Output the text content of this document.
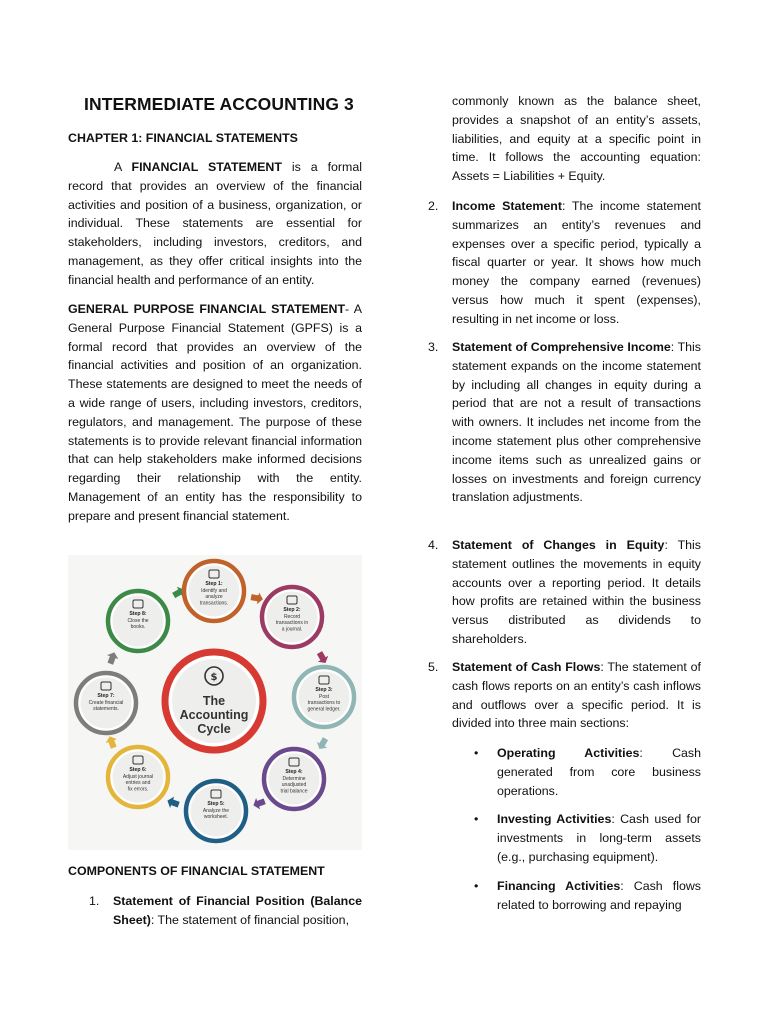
INTERMEDIATE ACCOUNTING 3
CHAPTER 1: FINANCIAL STATEMENTS

A FINANCIAL STATEMENT is a formal record that provides an overview of the financial activities and position of a business, organization, or individual. These statements are essential for stakeholders, including investors, creditors, and management, as they offer critical insights into the financial health and performance of an entity.

GENERAL PURPOSE FINANCIAL STATEMENT- A General Purpose Financial Statement (GPFS) is a formal record that provides an overview of the financial activities and position of an organization. These statements are designed to meet the needs of a wide range of users, including investors, creditors, regulators, and management. The purpose of these statements is to provide relevant financial information that can help stakeholders make informed decisions regarding their relationship with the entity. Management of an entity has the responsibility to prepare and present financial statement.

Step 1:
Identify and
analyze
transactions.
Step 2:
Record
transactions in
a journal.
Step 3:
Post
transactions to
general ledger.
Step 4:
Determine
unadjusted
trial balance
Step 5:
Analyze the
worksheet.
Step 6:
Adjust journal
entries and
fix errors.
Step 7:
Create financial
statements.
Step 8:
Close the
books.
$
The
Accounting
Cycle
COMPONENTS OF FINANCIAL STATEMENT
1. Statement of Financial Position (Balance Sheet): The statement of financial position,
commonly known as the balance sheet, provides a snapshot of an entity’s assets, liabilities, and equity at a specific point in time. It follows the accounting equation: Assets = Liabilities + Equity.
2. Income Statement: The income statement summarizes an entity’s revenues and expenses over a specific period, typically a fiscal quarter or year. It shows how much money the company earned (revenues) versus how much it spent (expenses), resulting in net income or loss.
3. Statement of Comprehensive Income: This statement expands on the income statement by including all changes in equity during a period that are not a result of transactions with owners. It includes net income from the income statement plus other comprehensive income items such as unrealized gains or losses on investments and foreign currency translation adjustments.
4. Statement of Changes in Equity: This statement outlines the movements in equity accounts over a reporting period. It details how profits are retained within the business versus distributed as dividends to shareholders.
5. Statement of Cash Flows: The statement of cash flows reports on an entity’s cash inflows and outflows over a specific period. It is divided into three main sections:
• Operating Activities: Cash generated from core business operations.
• Investing Activities: Cash used for investments in long-term assets (e.g., purchasing equipment).
• Financing Activities: Cash flows related to borrowing and repaying
